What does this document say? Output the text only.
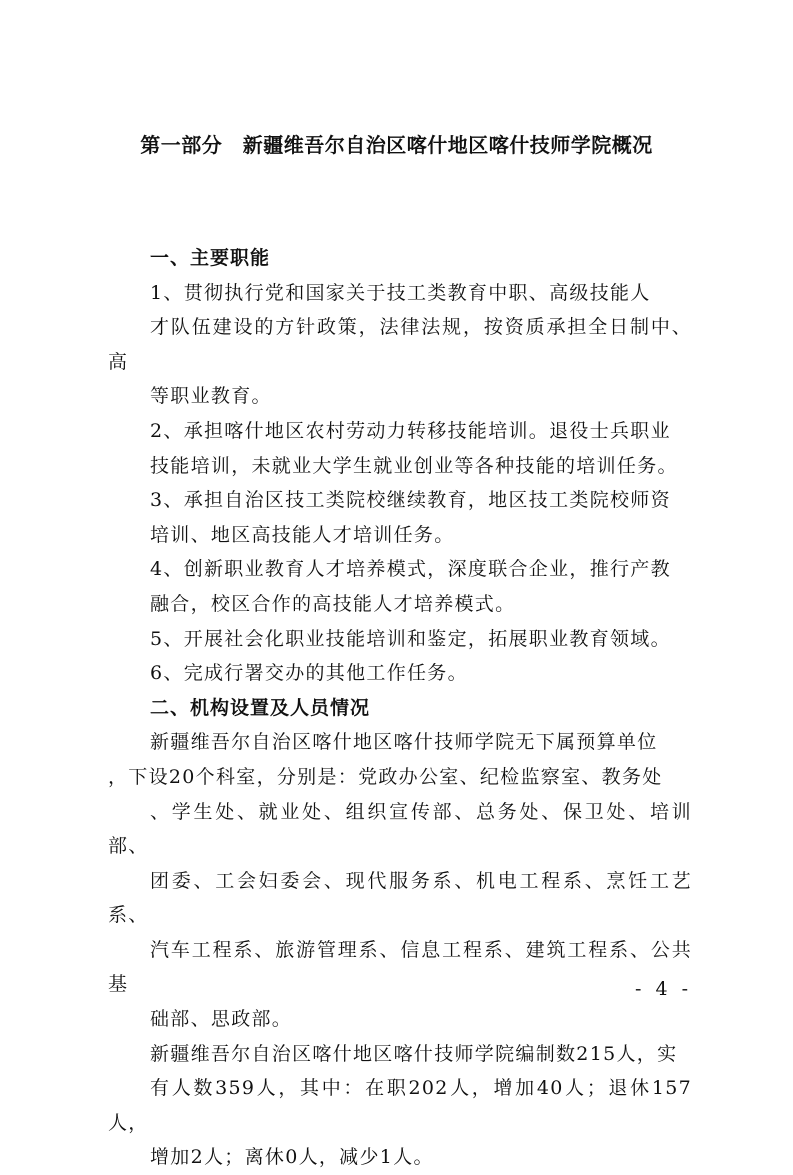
第一部分　新疆维吾尔自治区喀什地区喀什技师学院概况
一、主要职能

1、贯彻执行党和国家关于技工类教育中职、高级技能人
才队伍建设的方针政策，法律法规，按资质承担全日制中、高
等职业教育。

2、承担喀什地区农村劳动力转移技能培训。退役士兵职业
技能培训，未就业大学生就业创业等各种技能的培训任务。

3、承担自治区技工类院校继续教育，地区技工类院校师资
培训、地区高技能人才培训任务。

4、创新职业教育人才培养模式，深度联合企业，推行产教
融合，校区合作的高技能人才培养模式。

5、开展社会化职业技能培训和鉴定，拓展职业教育领域。

6、完成行署交办的其他工作任务。

二、机构设置及人员情况

新疆维吾尔自治区喀什地区喀什技师学院无下属预算单位
，下设20个科室，分别是：党政办公室、纪检监察室、教务处
、学生处、就业处、组织宣传部、总务处、保卫处、培训部、
团委、工会妇委会、现代服务系、机电工程系、烹饪工艺系、
汽车工程系、旅游管理系、信息工程系、建筑工程系、公共基
础部、思政部。

新疆维吾尔自治区喀什地区喀什技师学院编制数215人，实
有人数359人，其中：在职202人，增加40人；退休157人，
增加2人；离休0人，减少1人。

- 4 -
